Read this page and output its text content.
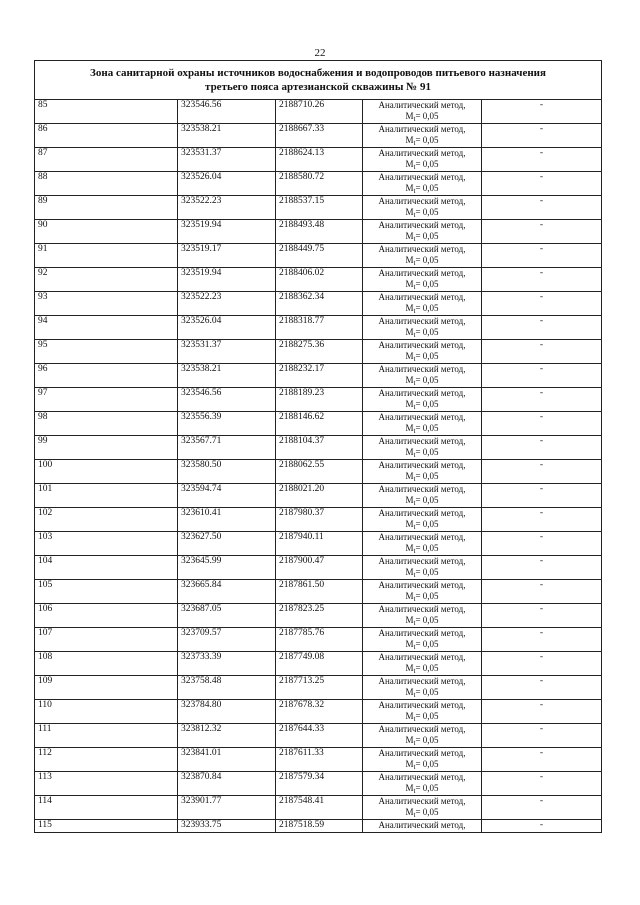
22
Зона санитарной охраны источников водоснабжения и водопроводов питьевого назначения
третьего пояса артезианской скважины № 91				

85	323546.56	2188710.26	Аналитический метод,
$M_t= 0,05$	-
86	323538.21	2188667.33	Аналитический метод,
$M_t= 0,05$	-
87	323531.37	2188624.13	Аналитический метод,
$M_t= 0,05$	-
88	323526.04	2188580.72	Аналитический метод,
$M_t= 0,05$	-
89	323522.23	2188537.15	Аналитический метод,
$M_t= 0,05$	-
90	323519.94	2188493.48	Аналитический метод,
$M_t= 0,05$	-
91	323519.17	2188449.75	Аналитический метод,
$M_t= 0,05$	-
92	323519.94	2188406.02	Аналитический метод,
$M_t= 0,05$	-
93	323522.23	2188362.34	Аналитический метод,
$M_t= 0,05$	-
94	323526.04	2188318.77	Аналитический метод,
$M_t= 0,05$	-
95	323531.37	2188275.36	Аналитический метод,
$M_t= 0,05$	-
96	323538.21	2188232.17	Аналитический метод,
$M_t= 0,05$	-
97	323546.56	2188189.23	Аналитический метод,
$M_t= 0,05$	-
98	323556.39	2188146.62	Аналитический метод,
$M_t= 0,05$	-
99	323567.71	2188104.37	Аналитический метод,
$M_t= 0,05$	-
100	323580.50	2188062.55	Аналитический метод,
$M_t= 0,05$	-
101	323594.74	2188021.20	Аналитический метод,
$M_t= 0,05$	-
102	323610.41	2187980.37	Аналитический метод,
$M_t= 0,05$	-
103	323627.50	2187940.11	Аналитический метод,
$M_t= 0,05$	-
104	323645.99	2187900.47	Аналитический метод,
$M_t= 0,05$	-
105	323665.84	2187861.50	Аналитический метод,
$M_t= 0,05$	-
106	323687.05	2187823.25	Аналитический метод,
$M_t= 0,05$	-
107	323709.57	2187785.76	Аналитический метод,
$M_t= 0,05$	-
108	323733.39	2187749.08	Аналитический метод,
$M_t= 0,05$	-
109	323758.48	2187713.25	Аналитический метод,
$M_t= 0,05$	-
110	323784.80	2187678.32	Аналитический метод,
$M_t= 0,05$	-
111	323812.32	2187644.33	Аналитический метод,
$M_t= 0,05$	-
112	323841.01	2187611.33	Аналитический метод,
$M_t= 0,05$	-
113	323870.84	2187579.34	Аналитический метод,
$M_t= 0,05$	-
114	323901.77	2187548.41	Аналитический метод,
$M_t= 0,05$	-
115	323933.75	2187518.59	Аналитический метод,	-
